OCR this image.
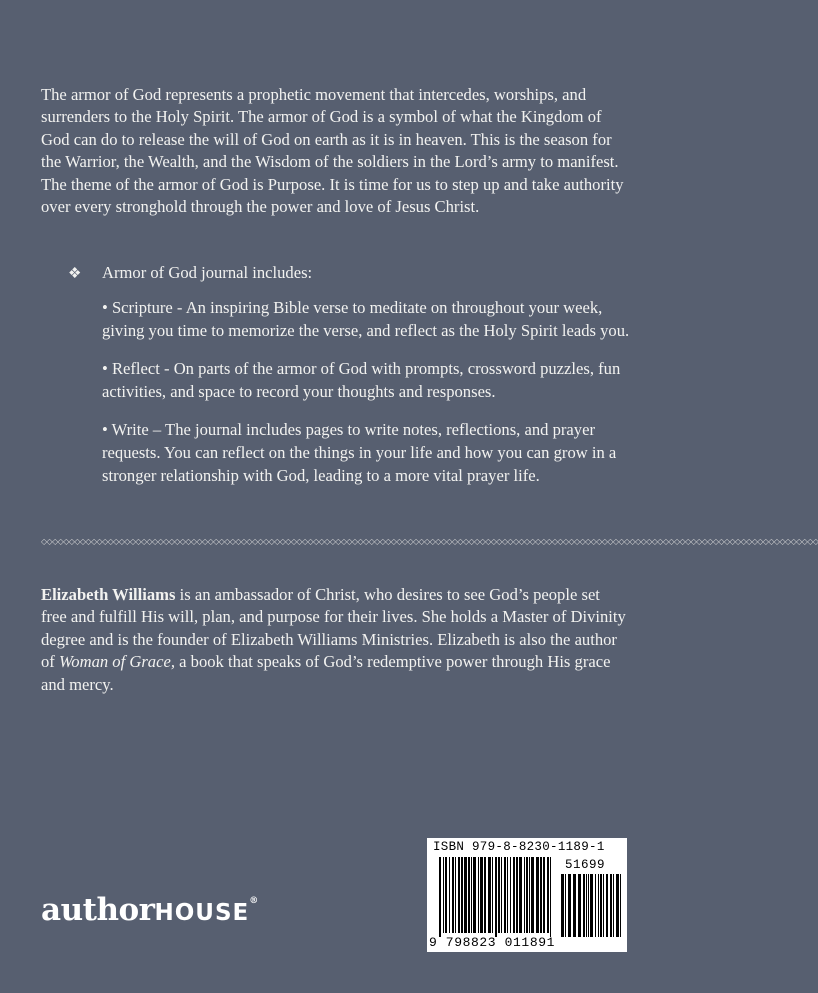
The armor of God represents a prophetic movement that intercedes, worships, and surrenders to the Holy Spirit. The armor of God is a symbol of what the Kingdom of God can do to release the will of God on earth as it is in heaven. This is the season for the Warrior, the Wealth, and the Wisdom of the soldiers in the Lord’s army to manifest. The theme of the armor of God is Purpose. It is time for us to step up and take authority over every stronghold through the power and love of Jesus Christ.

❖ Armor of God journal includes:

• Scripture - An inspiring Bible verse to meditate on throughout your week, giving you time to memorize the verse, and reflect as the Holy Spirit leads you.
• Reflect - On parts of the armor of God with prompts, crossword puzzles, fun activities, and space to record your thoughts and responses.
• Write – The journal includes pages to write notes, reflections, and prayer requests. You can reflect on the things in your life and how you can grow in a stronger relationship with God, leading to a more vital prayer life.
◇◇◇◇◇◇◇◇◇◇◇◇◇◇◇◇◇◇◇◇◇◇◇◇◇◇◇◇◇◇◇◇◇◇◇◇◇◇◇◇◇◇◇◇◇◇◇◇◇◇◇◇◇◇◇◇◇◇◇◇◇◇◇◇◇◇◇◇◇◇◇◇◇◇◇◇◇◇◇◇◇◇◇◇◇◇◇◇◇◇◇◇◇◇◇◇◇◇◇◇◇◇◇◇◇◇◇◇◇◇◇◇◇◇◇◇◇◇◇◇◇◇◇◇◇◇◇◇◇◇◇◇◇◇◇◇◇◇◇◇

Elizabeth Williams is an ambassador of Christ, who desires to see God’s people set free and fulfill His will, plan, and purpose for their lives. She holds a Master of Divinity degree and is the founder of Elizabeth Williams Ministries. Elizabeth is also the author of Woman of Grace, a book that speaks of God’s redemptive power through His grace and mercy.

authorHOUSE®
ISBN 979-8-8230-1189-1
51699
9 798823 011891
